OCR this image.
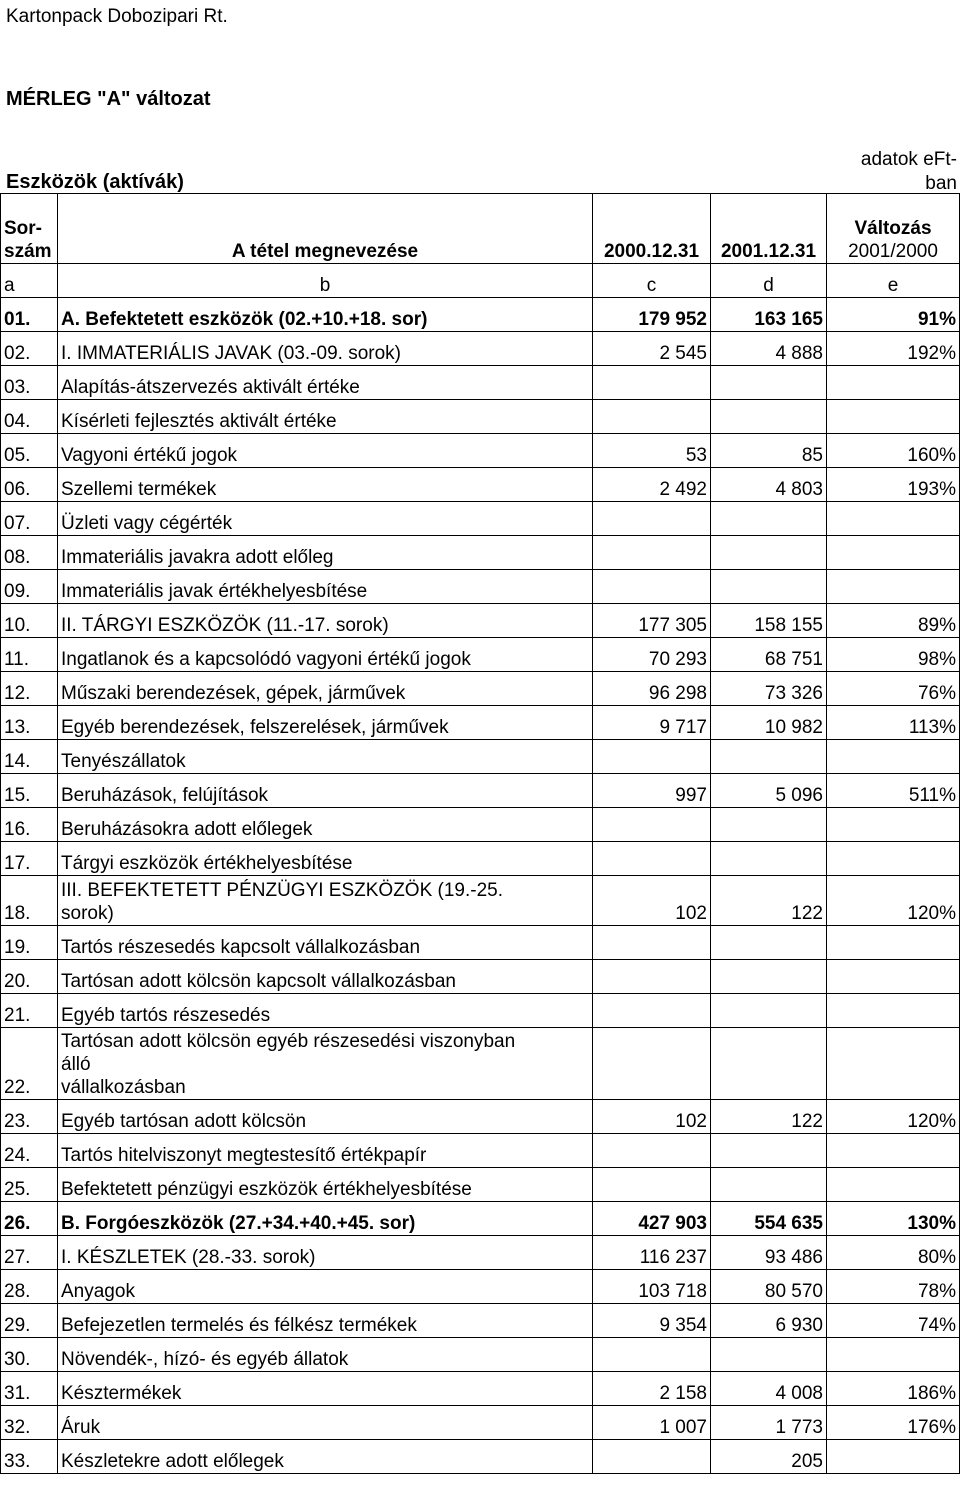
Kartonpack Dobozipari Rt.
MÉRLEG "A" változat
Eszközök (aktívák)
adatok eFt-
ban
Sor-
szám	A tétel megnevezése	2000.12.31	2001.12.31	Változás
2001/2000

a	b	c	d	e
01.	A. Befektetett eszközök (02.+10.+18. sor)	179 952	163 165	91%
02.	I. IMMATERIÁLIS JAVAK (03.-09. sorok)	2 545	4 888	192%
03.	Alapítás-átszervezés aktivált értéke			

04.	Kísérleti fejlesztés aktivált értéke			

05.	Vagyoni értékű jogok	53	85	160%
06.	Szellemi termékek	2 492	4 803	193%
07.	Üzleti vagy cégérték			

08.	Immateriális javakra adott előleg			

09.	Immateriális javak értékhelyesbítése			

10.	II. TÁRGYI ESZKÖZÖK (11.-17. sorok)	177 305	158 155	89%
11.	Ingatlanok és a kapcsolódó vagyoni értékű jogok	70 293	68 751	98%
12.	Műszaki berendezések, gépek, járművek	96 298	73 326	76%
13.	Egyéb berendezések, felszerelések, járművek	9 717	10 982	113%
14.	Tenyészállatok			

15.	Beruházások, felújítások	997	5 096	511%
16.	Beruházásokra adott előlegek			

17.	Tárgyi eszközök értékhelyesbítése			

18.	III. BEFEKTETETT PÉNZÜGYI ESZKÖZÖK (19.-25.
sorok)	102	122	120%
19.	Tartós részesedés kapcsolt vállalkozásban			

20.	Tartósan adott kölcsön kapcsolt vállalkozásban			

21.	Egyéb tartós részesedés			

22.	Tartósan adott kölcsön egyéb részesedési viszonyban
álló
vállalkozásban			

23.	Egyéb tartósan adott kölcsön	102	122	120%
24.	Tartós hitelviszonyt megtestesítő értékpapír			

25.	Befektetett pénzügyi eszközök értékhelyesbítése			

26.	B. Forgóeszközök (27.+34.+40.+45. sor)	427 903	554 635	130%
27.	I. KÉSZLETEK (28.-33. sorok)	116 237	93 486	80%
28.	Anyagok	103 718	80 570	78%
29.	Befejezetlen termelés és félkész termékek	9 354	6 930	74%
30.	Növendék-, hízó- és egyéb állatok			

31.	Késztermékek	2 158	4 008	186%
32.	Áruk	1 007	1 773	176%
33.	Készletekre adott előlegek		205	
